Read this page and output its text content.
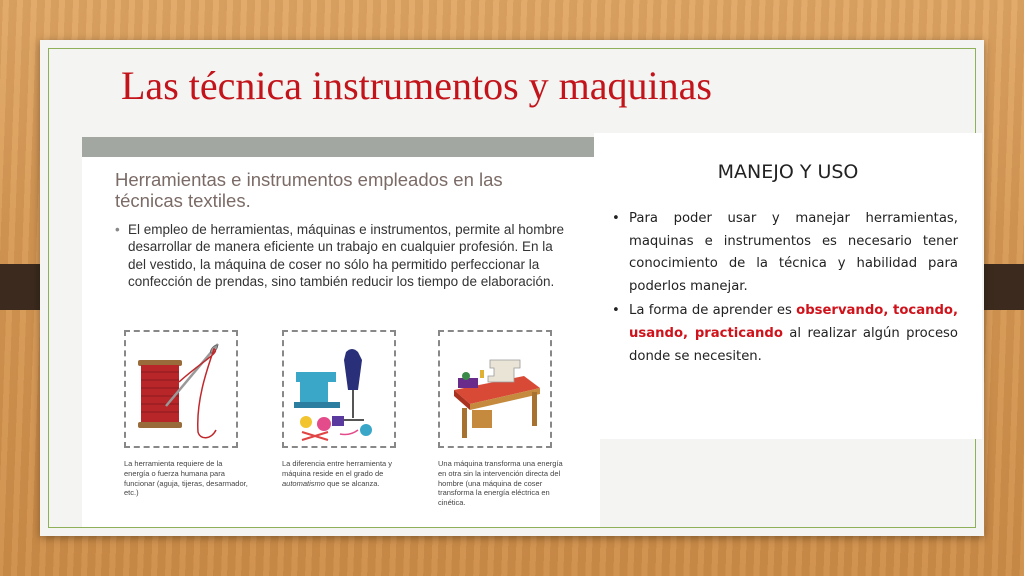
Las técnica instrumentos y maquinas
Herramientas e instrumentos empleados en las técnicas textiles.
• El empleo de herramientas, máquinas e instrumentos, permite al hombre desarrollar de manera eficiente un trabajo en cualquier profesión. En la del vestido, la máquina de coser no sólo ha permitido perfeccionar la confección de prendas, sino también reducir los tiempo de elaboración.
La herramienta requiere de la energía o fuerza humana para funcionar (aguja, tijeras, desarmador, etc.)
La diferencia entre herramienta y máquina reside en el grado de automatismo que se alcanza.
Una máquina transforma una energía en otra sin la intervención directa del hombre (una máquina de coser transforma la energía eléctrica en cinética.
MANEJO Y USO
• Para poder usar y manejar herramientas, maquinas e instrumentos es necesario tener conocimiento de la técnica y habilidad para poderlos manejar.
• La forma de aprender es observando, tocando, usando, practicando al realizar algún proceso donde se necesiten.
